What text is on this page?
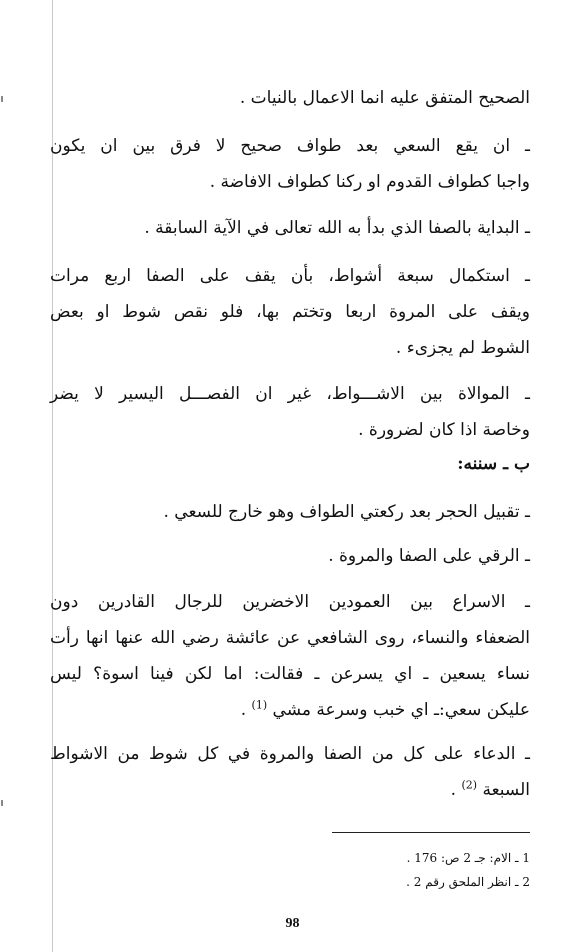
الصحيح المتفق عليه انما الاعمال بالنيات .
ـ ان يقع السعي بعد طواف صحيح لا فرق بين ان يكون
واجبا كطواف القدوم او ركنا كطواف الافاضة .
ـ البداية بالصفا الذي بدأ به الله تعالى في الآية السابقة .
ـ استكمال سبعة أشواط، بأن يقف على الصفا اربع مرات
ويقف على المروة اربعا وتختم بها، فلو نقص شوط او بعض
الشوط لم يجزىء .
ـ الموالاة بين الاشـــواط، غير ان الفصـــل اليسير لا يضر
وخاصة اذا كان لضرورة .
ب ـ سننه:
ـ تقبيل الحجر بعد ركعتي الطواف وهو خارج للسعي .
ـ الرقي على الصفا والمروة .
ـ الاسراع بين العمودين الاخضرين للرجال القادرين دون
الضعفاء والنساء، روى الشافعي عن عائشة رضي الله عنها انها رأت
نساء يسعين ـ اي يسرعن ـ فقالت: اما لكن فينا اسوة؟ ليس
عليكن سعي:ـ اي خبب وسرعة مشي $^{(1)}$ .
ـ الدعاء على كل من الصفا والمروة في كل شوط من الاشواط
السبعة $^{(2)}$ .
1 ـ الام: جـ 2 ص: 176 .
2 ـ انظر الملحق رقم 2 .
98
